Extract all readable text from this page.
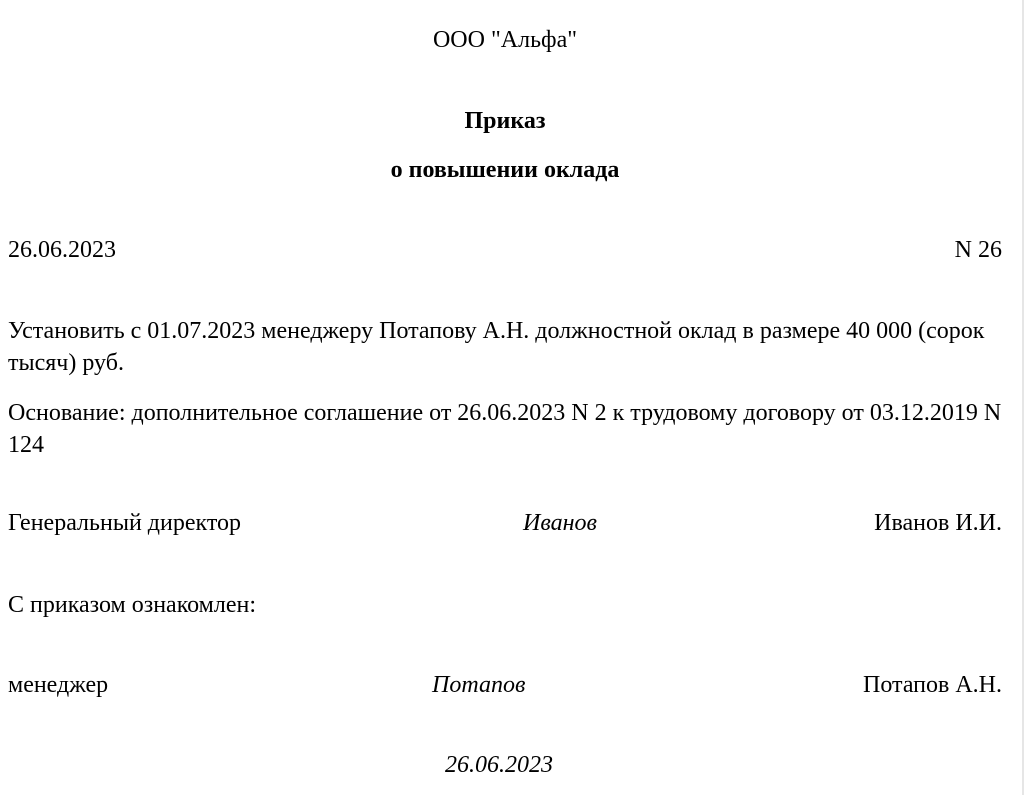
ООО "Альфа"
Приказ
о повышении оклада
26.06.2023	N 26
Установить с 01.07.2023 менеджеру Потапову А.Н. должностной оклад в размере 40 000 (сорок тысяч) руб.
Основание: дополнительное соглашение от 26.06.2023 N 2 к трудовому договору от 03.12.2019 N 124
Генеральный директор	Иванов	Иванов И.И.
С приказом ознакомлен:
менеджер	Потапов	Потапов А.Н.
26.06.2023
